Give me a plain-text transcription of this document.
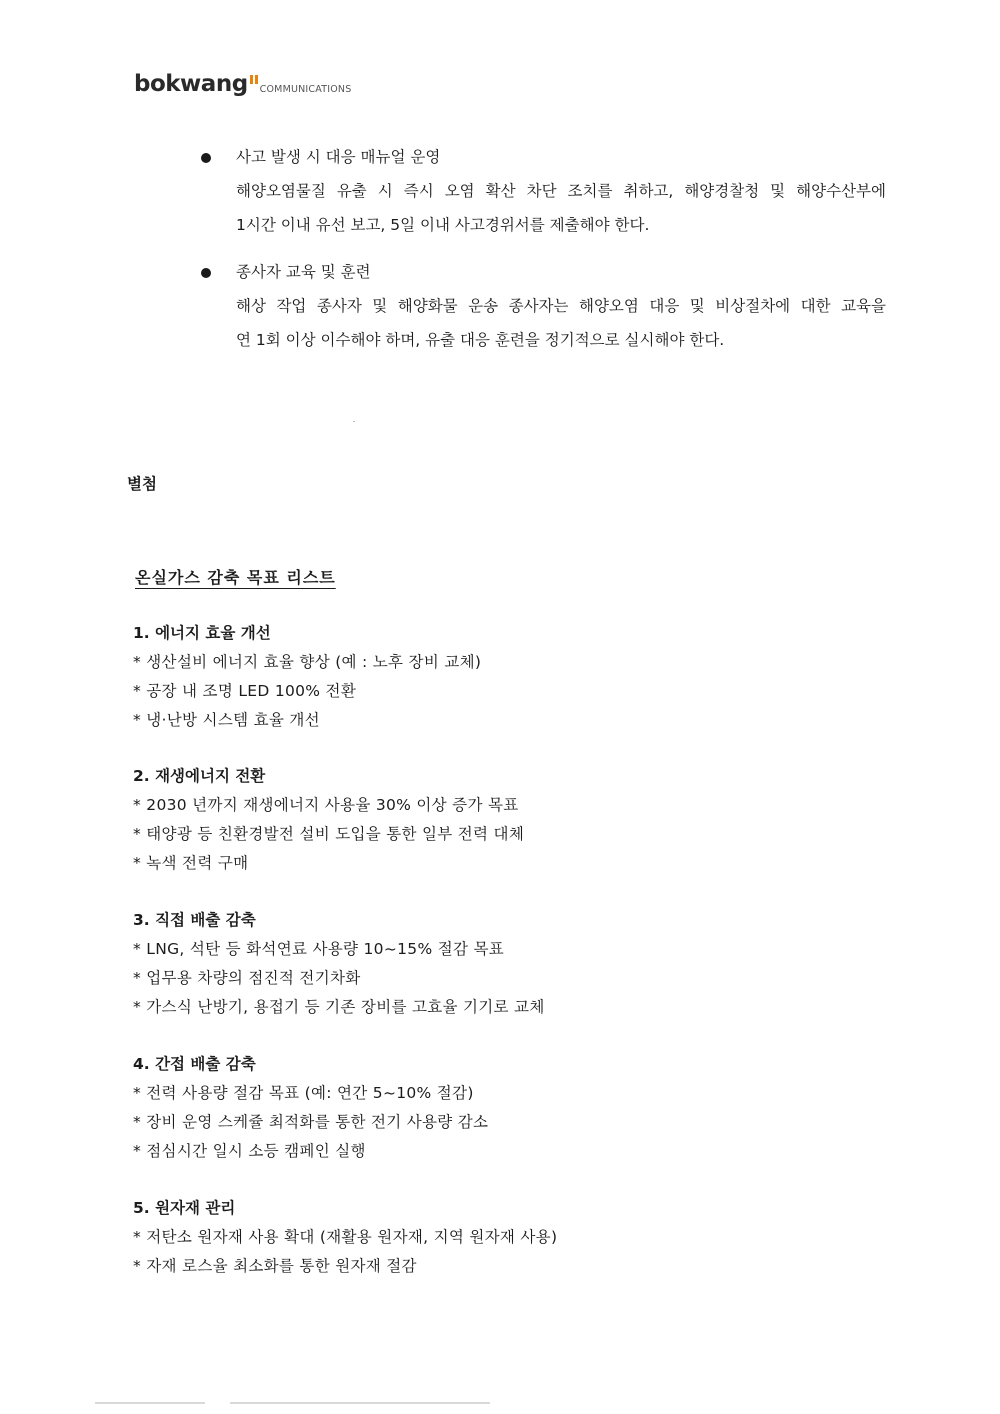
bokwang COMMUNICATIONS
사고 발생 시 대응 매뉴얼 운영
해양오염물질 유출 시 즉시 오염 확산 차단 조치를 취하고, 해양경찰청 및 해양수산부에
1시간 이내 유선 보고, 5일 이내 사고경위서를 제출해야 한다.
종사자 교육 및 훈련
해상 작업 종사자 및 해양화물 운송 종사자는 해양오염 대응 및 비상절차에 대한 교육을
연 1회 이상 이수해야 하며, 유출 대응 훈련을 정기적으로 실시해야 한다.
별첨
온실가스 감축 목표 리스트
1. 에너지 효율 개선
* 생산설비 에너지 효율 향상 (예 : 노후 장비 교체)
* 공장 내 조명 LED 100% 전환
* 냉·난방 시스템 효율 개선
2. 재생에너지 전환
* 2030 년까지 재생에너지 사용율 30% 이상 증가 목표
* 태양광 등 친환경발전 설비 도입을 통한 일부 전력 대체
* 녹색 전력 구매
3. 직접 배출 감축
* LNG, 석탄 등 화석연료 사용량 10~15% 절감 목표
* 업무용 차량의 점진적 전기차화
* 가스식 난방기, 용접기 등 기존 장비를 고효율 기기로 교체
4. 간접 배출 감축
* 전력 사용량 절감 목표 (예: 연간 5~10% 절감)
* 장비 운영 스케쥴 최적화를 통한 전기 사용량 감소
* 점심시간 일시 소등 캠페인 실행
5. 원자재 관리
* 저탄소 원자재 사용 확대 (재활용 원자재, 지역 원자재 사용)
* 자재 로스율 최소화를 통한 원자재 절감
